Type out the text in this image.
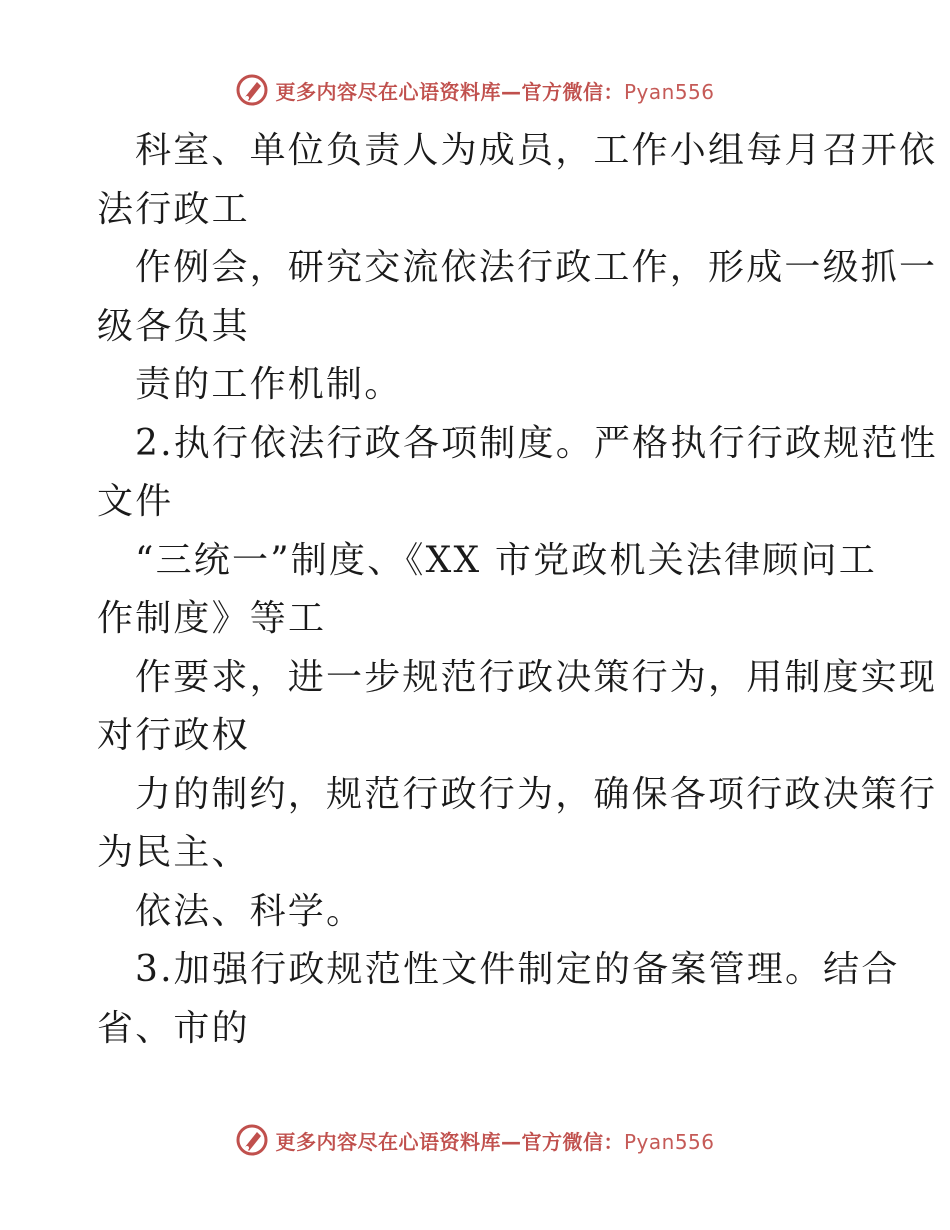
更多内容尽在心语资料库—官方微信：Pyan556
科室、单位负责人为成员，工作小组每月召开依
法行政工
作例会，研究交流依法行政工作，形成一级抓一
级各负其
责的工作机制。
2.执行依法行政各项制度。严格执行行政规范性
文件
“三统一”制度、《XX 市党政机关法律顾问工
作制度》等工
作要求，进一步规范行政决策行为，用制度实现
对行政权
力的制约，规范行政行为，确保各项行政决策行
为民主、
依法、科学。
3.加强行政规范性文件制定的备案管理。结合
省、市的
更多内容尽在心语资料库—官方微信：Pyan556
